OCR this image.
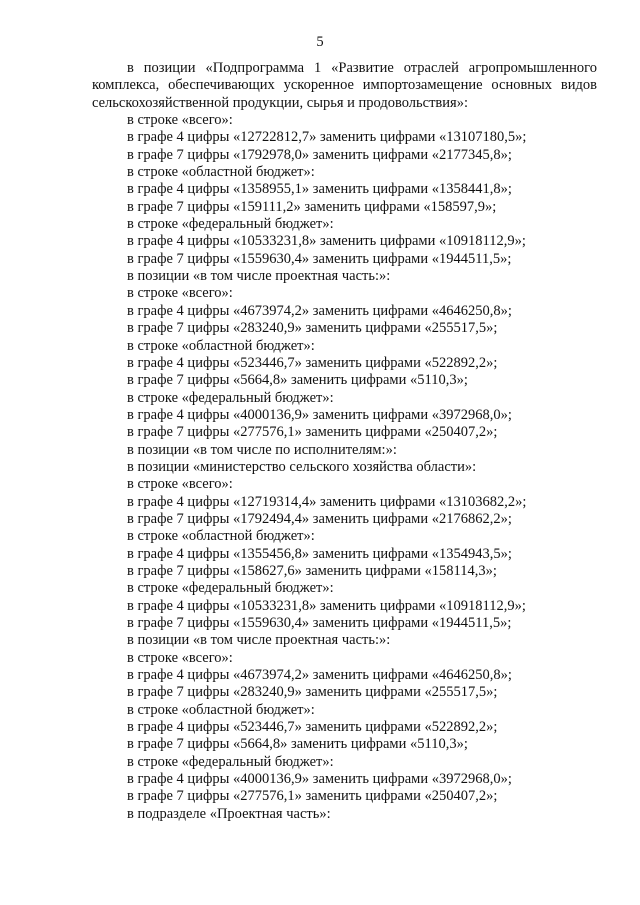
5

в позиции «Подпрограмма 1 «Развитие отраслей агропромышленного комплекса, обеспечивающих ускоренное импортозамещение основных видов сельскохозяйственной продукции, сырья и продовольствия»:

в строке «всего»:
в графе 4 цифры «12722812,7» заменить цифрами «13107180,5»;
в графе 7 цифры «1792978,0» заменить цифрами «2177345,8»;
в строке «областной бюджет»:
в графе 4 цифры «1358955,1» заменить цифрами «1358441,8»;
в графе 7 цифры «159111,2» заменить цифрами «158597,9»;
в строке «федеральный бюджет»:
в графе 4 цифры «10533231,8» заменить цифрами «10918112,9»;
в графе 7 цифры «1559630,4» заменить цифрами «1944511,5»;
в позиции «в том числе проектная часть:»:
в строке «всего»:
в графе 4 цифры «4673974,2» заменить цифрами «4646250,8»;
в графе 7 цифры «283240,9» заменить цифрами «255517,5»;
в строке «областной бюджет»:
в графе 4 цифры «523446,7» заменить цифрами «522892,2»;
в графе 7 цифры «5664,8» заменить цифрами «5110,3»;
в строке «федеральный бюджет»:
в графе 4 цифры «4000136,9» заменить цифрами «3972968,0»;
в графе 7 цифры «277576,1» заменить цифрами «250407,2»;
в позиции «в том числе по исполнителям:»:
в позиции «министерство сельского хозяйства области»:
в строке «всего»:
в графе 4 цифры «12719314,4» заменить цифрами «13103682,2»;
в графе 7 цифры «1792494,4» заменить цифрами «2176862,2»;
в строке «областной бюджет»:
в графе 4 цифры «1355456,8» заменить цифрами «1354943,5»;
в графе 7 цифры «158627,6» заменить цифрами «158114,3»;
в строке «федеральный бюджет»:
в графе 4 цифры «10533231,8» заменить цифрами «10918112,9»;
в графе 7 цифры «1559630,4» заменить цифрами «1944511,5»;
в позиции «в том числе проектная часть:»:
в строке «всего»:
в графе 4 цифры «4673974,2» заменить цифрами «4646250,8»;
в графе 7 цифры «283240,9» заменить цифрами «255517,5»;
в строке «областной бюджет»:
в графе 4 цифры «523446,7» заменить цифрами «522892,2»;
в графе 7 цифры «5664,8» заменить цифрами «5110,3»;
в строке «федеральный бюджет»:
в графе 4 цифры «4000136,9» заменить цифрами «3972968,0»;
в графе 7 цифры «277576,1» заменить цифрами «250407,2»;
в подразделе «Проектная часть»:
